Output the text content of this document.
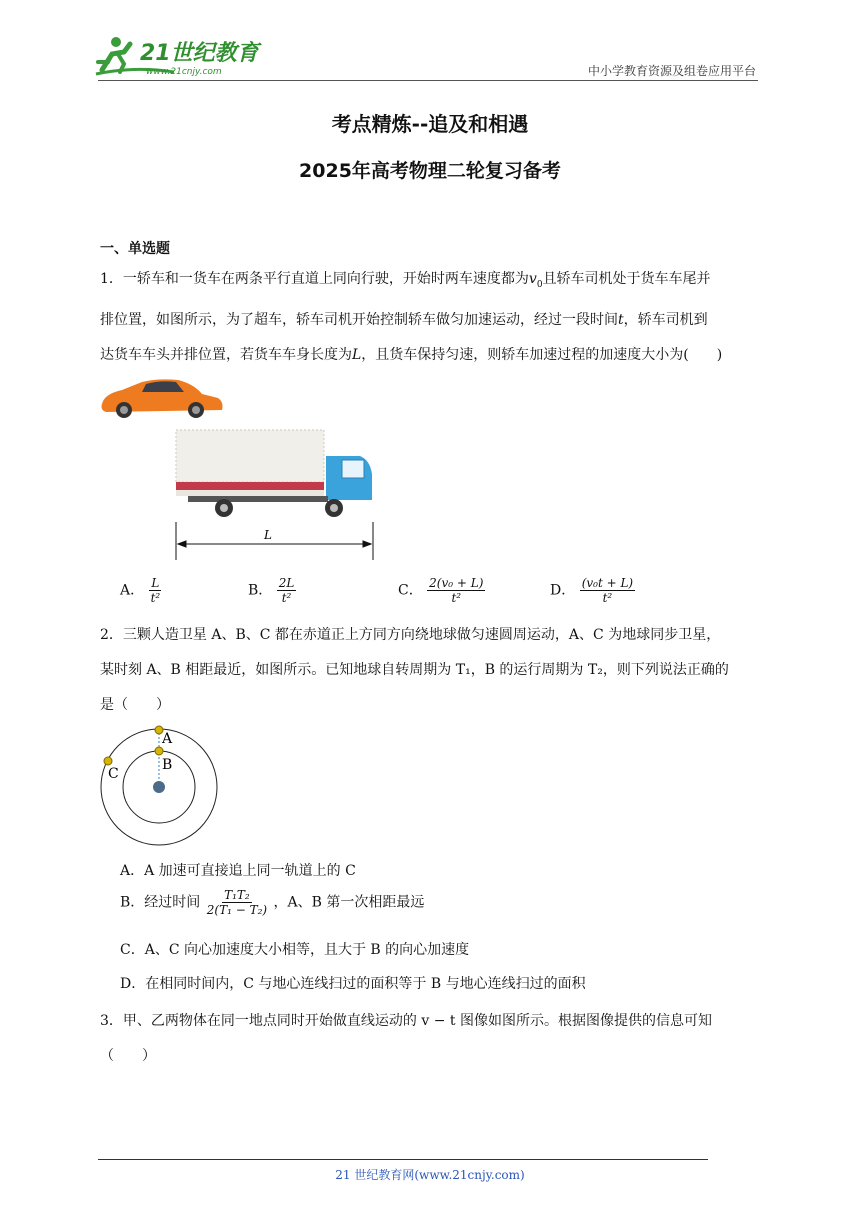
21世纪教育
www.21cnjy.com	中小学教育资源及组卷应用平台
考点精炼--追及和相遇
2025年高考物理二轮复习备考
一、单选题
1．一轿车和一货车在两条平行直道上同向行驶，开始时两车速度都为$v_0$且轿车司机处于货车车尾并
排位置，如图所示，为了超车，轿车司机开始控制轿车做匀加速运动，经过一段时间t，轿车司机到
达货车车头并排位置，若货车车身长度为L，且货车保持匀速，则轿车加速过程的加速度大小为(　　)
L
A． $\frac{L}{\text{t²}}$	B． $\frac{2L}{\text{t²}}$	C． $\frac{\text{2(v₀ + L)}}{\text{t²}}$	D． $\frac{\text{(v₀t + L)}}{\text{t²}}$
2．三颗人造卫星 A、B、C 都在赤道正上方同方向绕地球做匀速圆周运动，A、C 为地球同步卫星，
某时刻 A、B 相距最近，如图所示。已知地球自转周期为 T₁，B 的运行周期为 T₂，则下列说法正确的
是（　　）
A
B
C
A．A 加速可直接追上同一轨道上的 C
B．经过时间 $\frac{\text{T₁T₂}}{\text{2(T₁ − T₂)}}$ ，A、B 第一次相距最远
C．A、C 向心加速度大小相等，且大于 B 的向心加速度
D．在相同时间内，C 与地心连线扫过的面积等于 B 与地心连线扫过的面积
3．甲、乙两物体在同一地点同时开始做直线运动的 v − t 图像如图所示。根据图像提供的信息可知
（　　）
21 世纪教育网(www.21cnjy.com)
